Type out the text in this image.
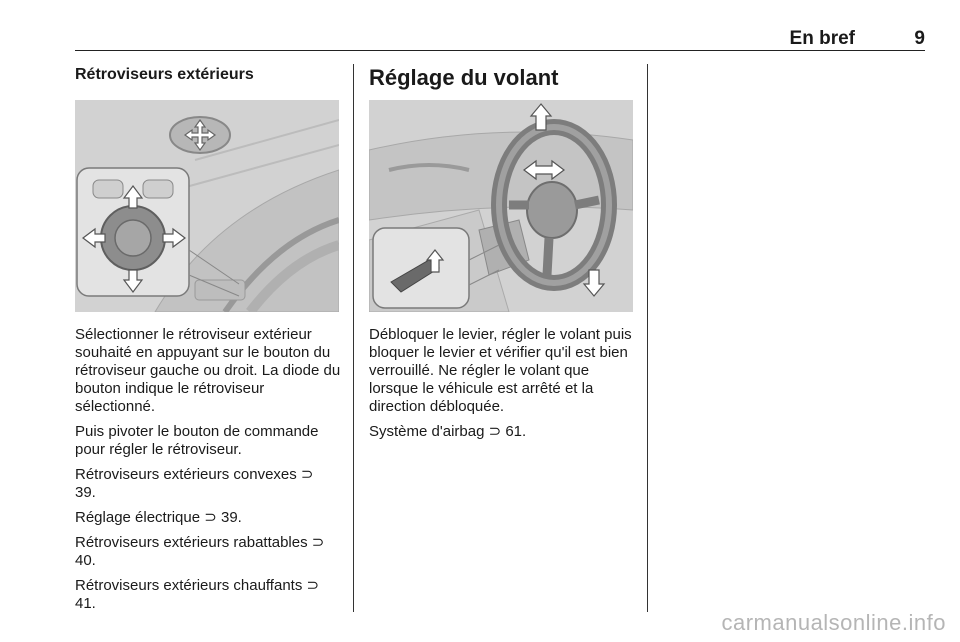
En bref	9
Rétroviseurs extérieurs

Sélectionner le rétroviseur extérieur souhaité en appuyant sur le bouton du rétroviseur gauche ou droit. La diode du bouton indique le rétroviseur sélectionné.

Puis pivoter le bouton de commande pour régler le rétroviseur.

Rétroviseurs extérieurs convexes ⊃ 39.

Réglage électrique ⊃ 39.

Rétroviseurs extérieurs rabattables ⊃ 40.

Rétroviseurs extérieurs chauffants ⊃ 41.

Réglage du volant

Débloquer le levier, régler le volant puis bloquer le levier et vérifier qu'il est bien verrouillé. Ne régler le volant que lorsque le véhicule est arrêté et la direction débloquée.

Système d'airbag ⊃ 61.

carmanualsonline.info
